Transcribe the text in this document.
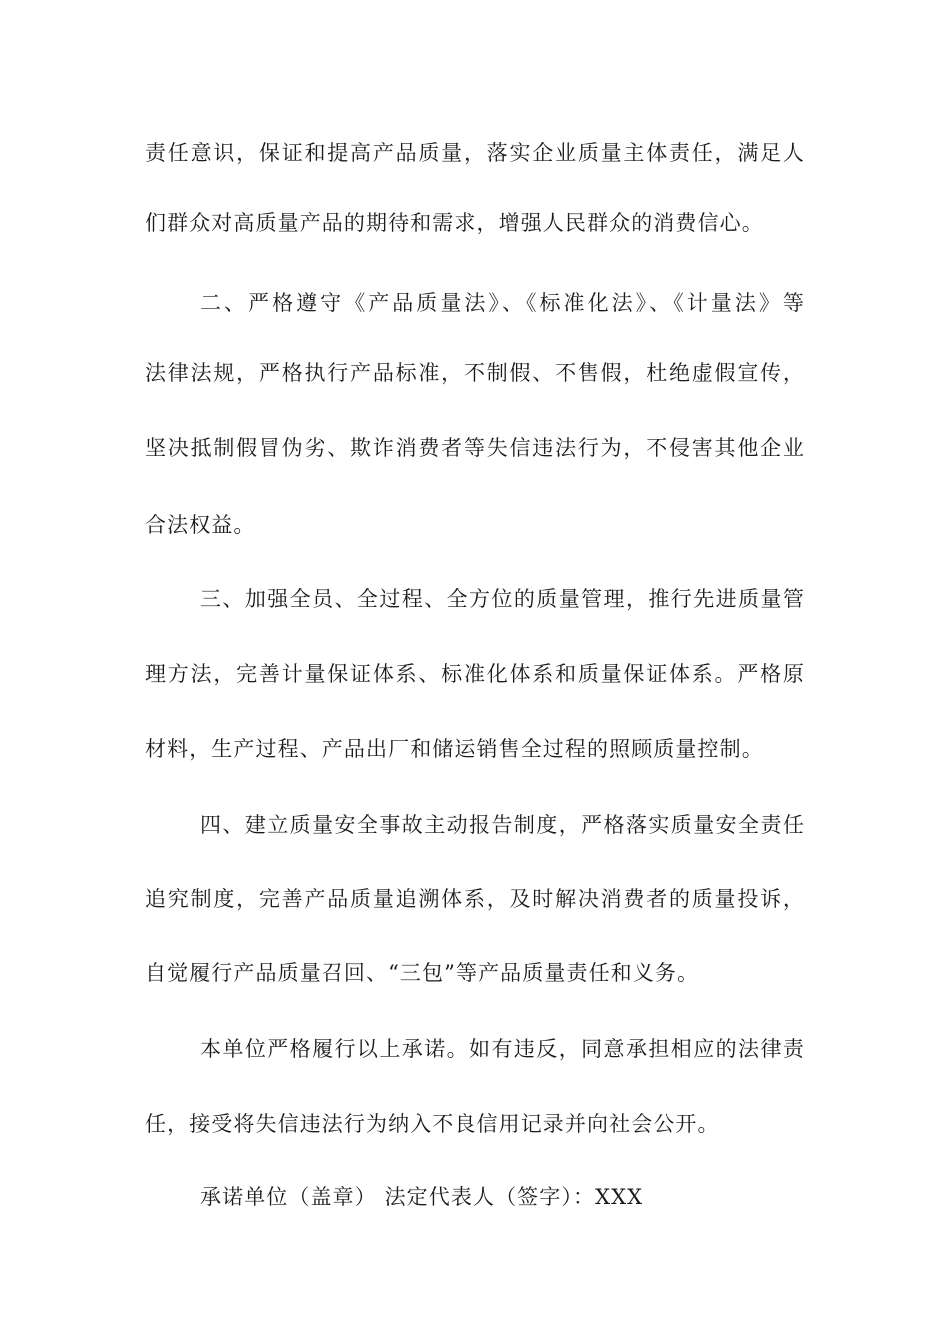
责任意识，保证和提高产品质量，落实企业质量主体责任，满足人
们群众对高质量产品的期待和需求，增强人民群众的消费信心。
二、严格遵守《产品质量法》、《标准化法》、《计量法》等
法律法规，严格执行产品标准，不制假、不售假，杜绝虚假宣传，
坚决抵制假冒伪劣、欺诈消费者等失信违法行为，不侵害其他企业
合法权益。
三、加强全员、全过程、全方位的质量管理，推行先进质量管
理方法，完善计量保证体系、标准化体系和质量保证体系。严格原
材料，生产过程、产品出厂和储运销售全过程的照顾质量控制。
四、建立质量安全事故主动报告制度，严格落实质量安全责任
追究制度，完善产品质量追溯体系，及时解决消费者的质量投诉，
自觉履行产品质量召回、“三包”等产品质量责任和义务。
本单位严格履行以上承诺。如有违反，同意承担相应的法律责
任，接受将失信违法行为纳入不良信用记录并向社会公开。
承诺单位（盖章） 法定代表人（签字）：XXX
